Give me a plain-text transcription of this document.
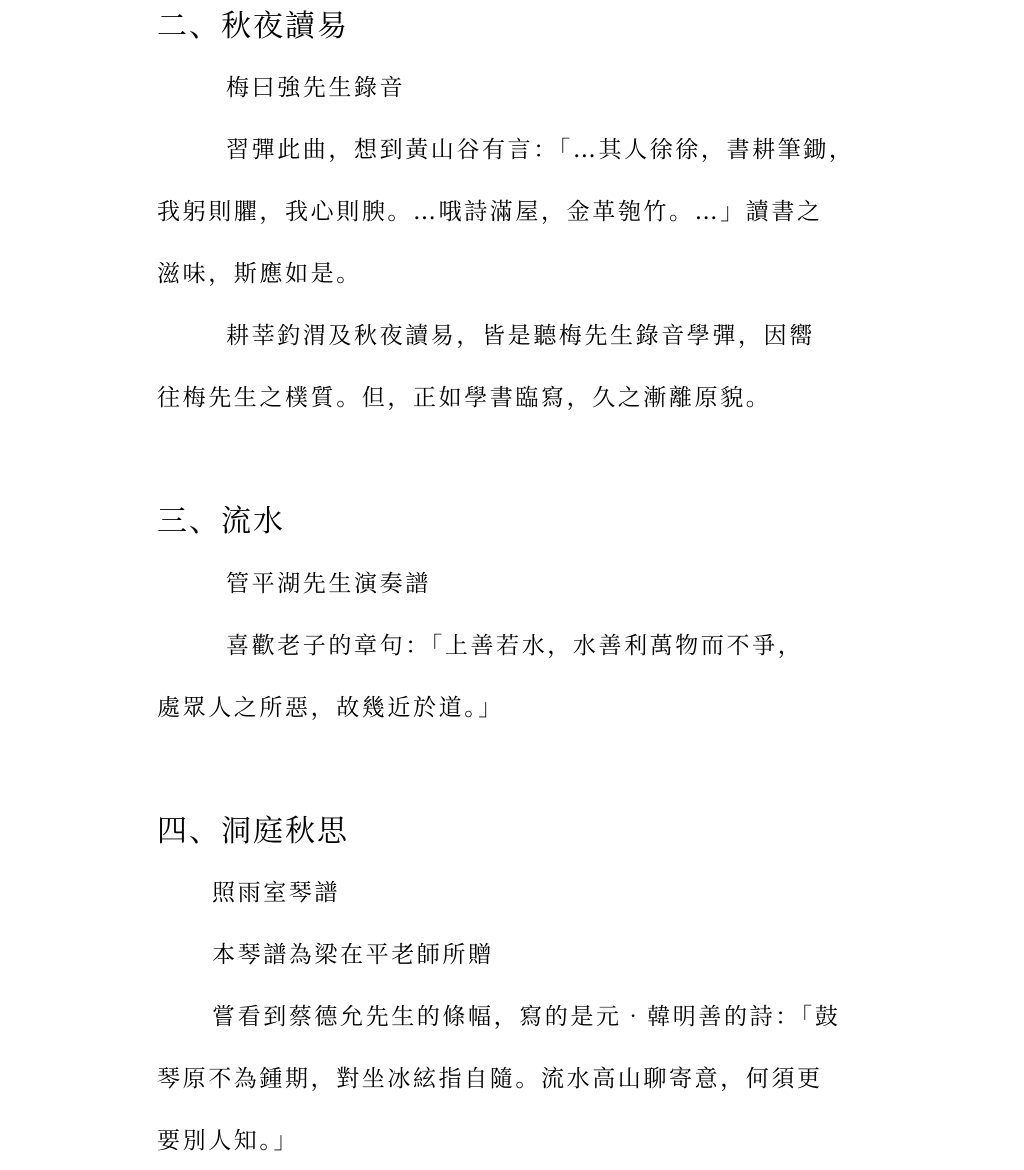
二、秋夜讀易
梅曰強先生錄音
習彈此曲，想到黃山谷有言：「…其人徐徐，書耕筆鋤，
我躬則臞，我心則腴。…哦詩滿屋，金革匏竹。…」讀書之
滋味，斯應如是。
耕莘釣渭及秋夜讀易，皆是聽梅先生錄音學彈，因嚮
往梅先生之樸質。但，正如學書臨寫，久之漸離原貌。
三、流水
管平湖先生演奏譜
喜歡老子的章句：「上善若水，水善利萬物而不爭，
處眾人之所惡，故幾近於道。」
四、洞庭秋思
照雨室琴譜
本琴譜為梁在平老師所贈
嘗看到蔡德允先生的條幅，寫的是元‧韓明善的詩：「鼓
琴原不為鍾期，對坐冰絃指自隨。流水高山聊寄意，何須更
要別人知。」
